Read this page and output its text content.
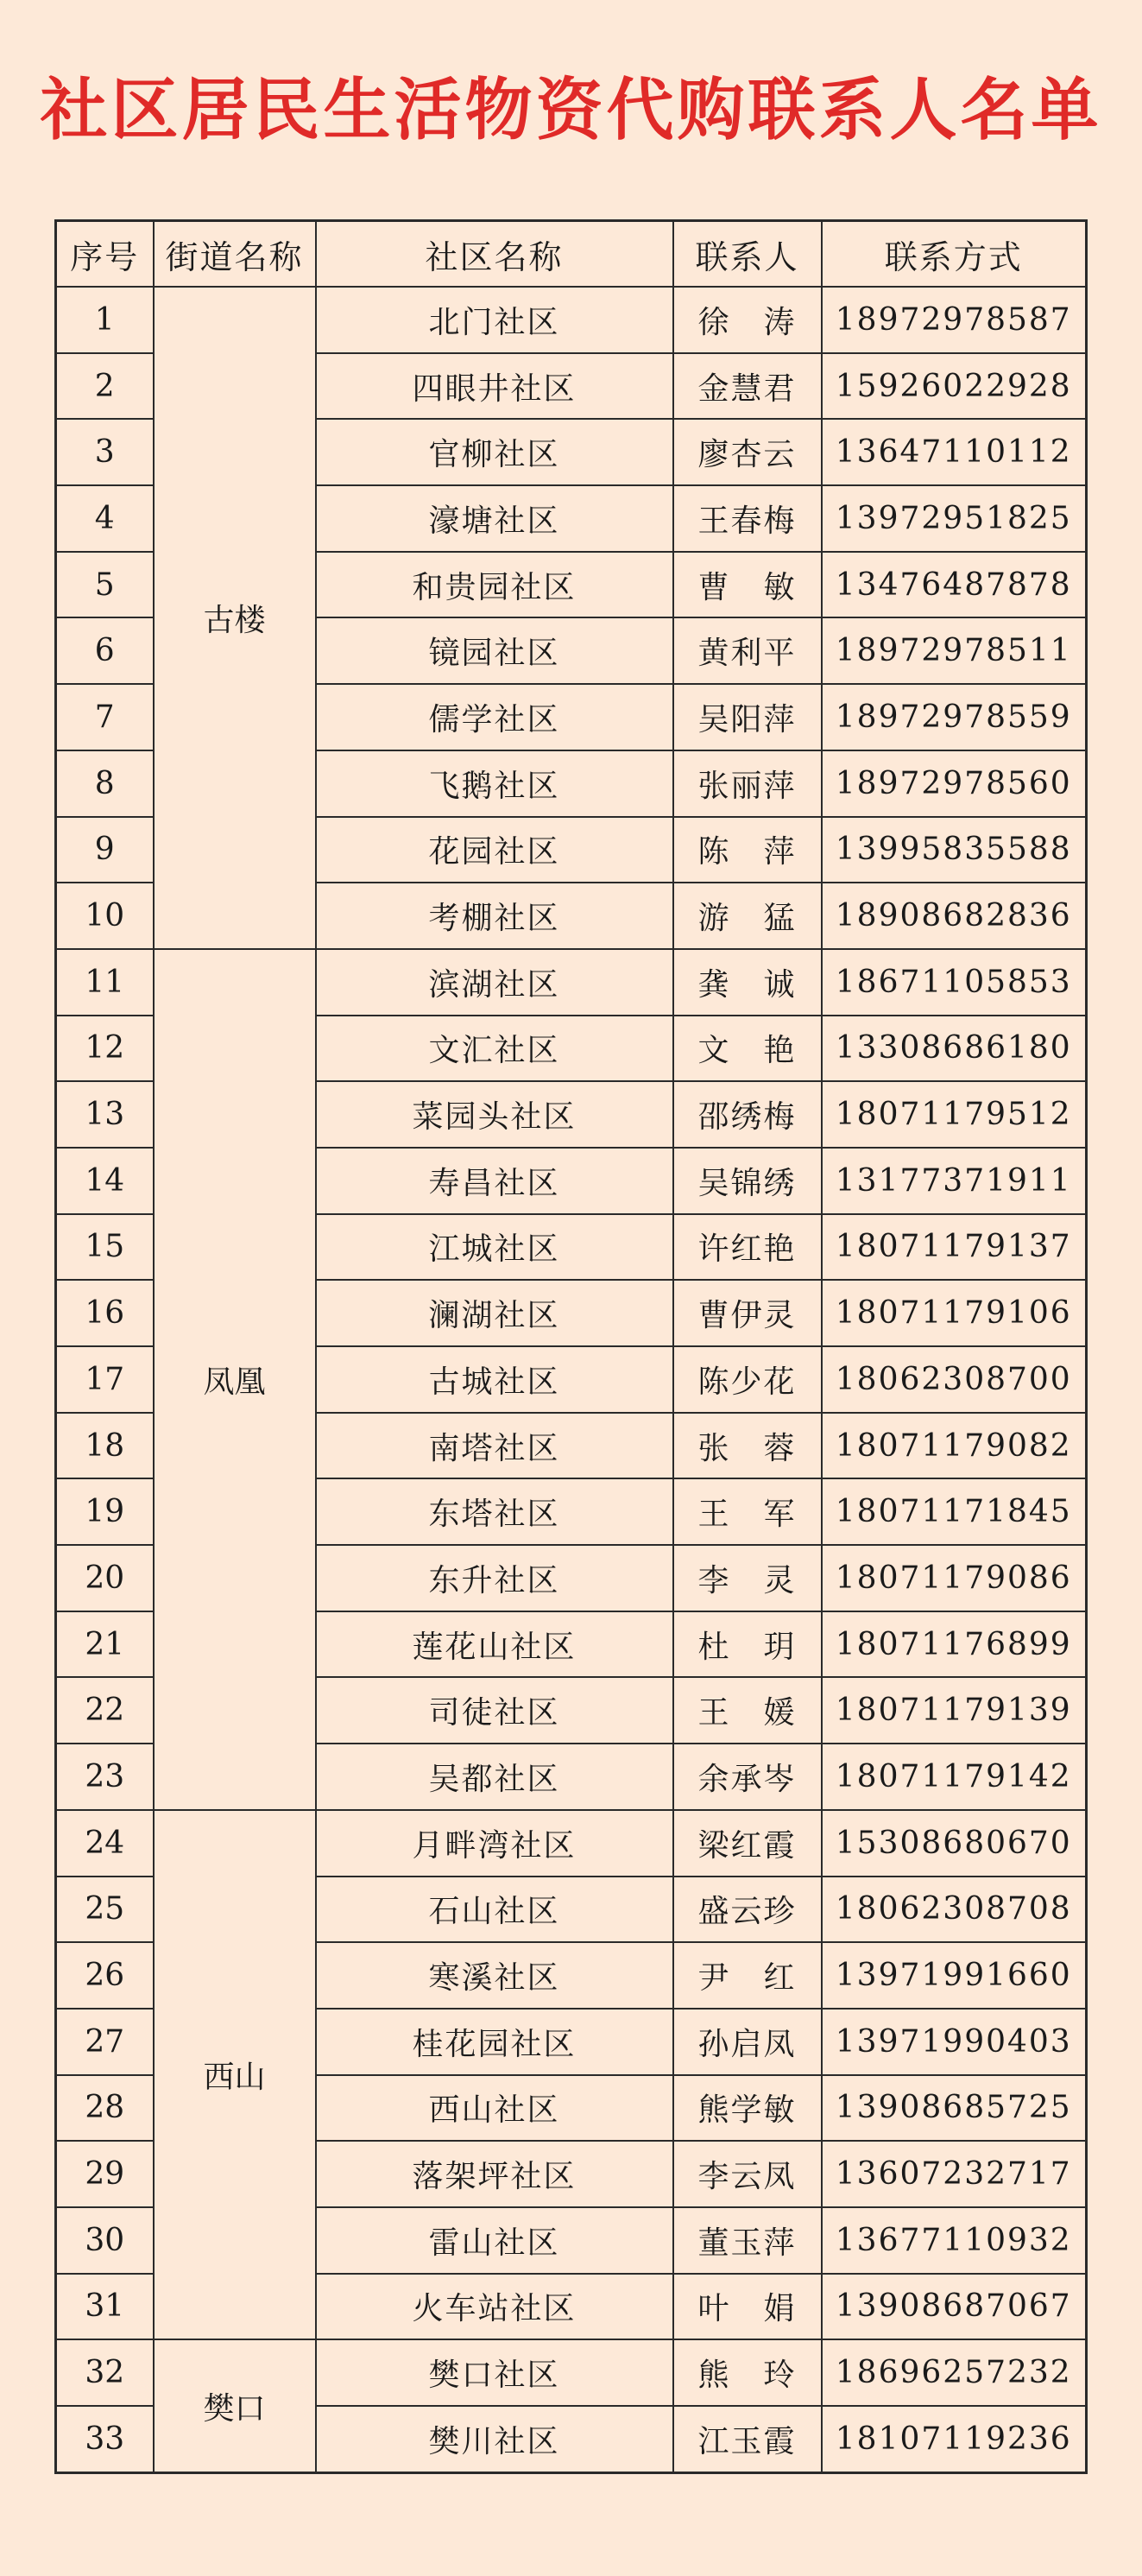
社区居民生活物资代购联系人名单
序号	街道名称	社区名称	联系人	联系方式
1	古楼	北门社区	徐　涛	18972978587
2		四眼井社区	金慧君	15926022928
3		官柳社区	廖杏云	13647110112
4		濠塘社区	王春梅	13972951825
5		和贵园社区	曹　敏	13476487878
6		镜园社区	黄利平	18972978511
7		儒学社区	吴阳萍	18972978559
8		飞鹅社区	张丽萍	18972978560
9		花园社区	陈　萍	13995835588
10		考棚社区	游　猛	18908682836
11	凤凰	滨湖社区	龚　诚	18671105853
12		文汇社区	文　艳	13308686180
13		菜园头社区	邵绣梅	18071179512
14		寿昌社区	吴锦绣	13177371911
15		江城社区	许红艳	18071179137
16		澜湖社区	曹伊灵	18071179106
17		古城社区	陈少花	18062308700
18		南塔社区	张　蓉	18071179082
19		东塔社区	王　军	18071171845
20		东升社区	李　灵	18071179086
21		莲花山社区	杜　玥	18071176899
22		司徒社区	王　媛	18071179139
23		吴都社区	余承岑	18071179142
24	西山	月畔湾社区	梁红霞	15308680670
25		石山社区	盛云珍	18062308708
26		寒溪社区	尹　红	13971991660
27		桂花园社区	孙启凤	13971990403
28		西山社区	熊学敏	13908685725
29		落架坪社区	李云凤	13607232717
30		雷山社区	董玉萍	13677110932
31		火车站社区	叶　娟	13908687067
32	樊口	樊口社区	熊　玲	18696257232
33		樊川社区	江玉霞	18107119236
